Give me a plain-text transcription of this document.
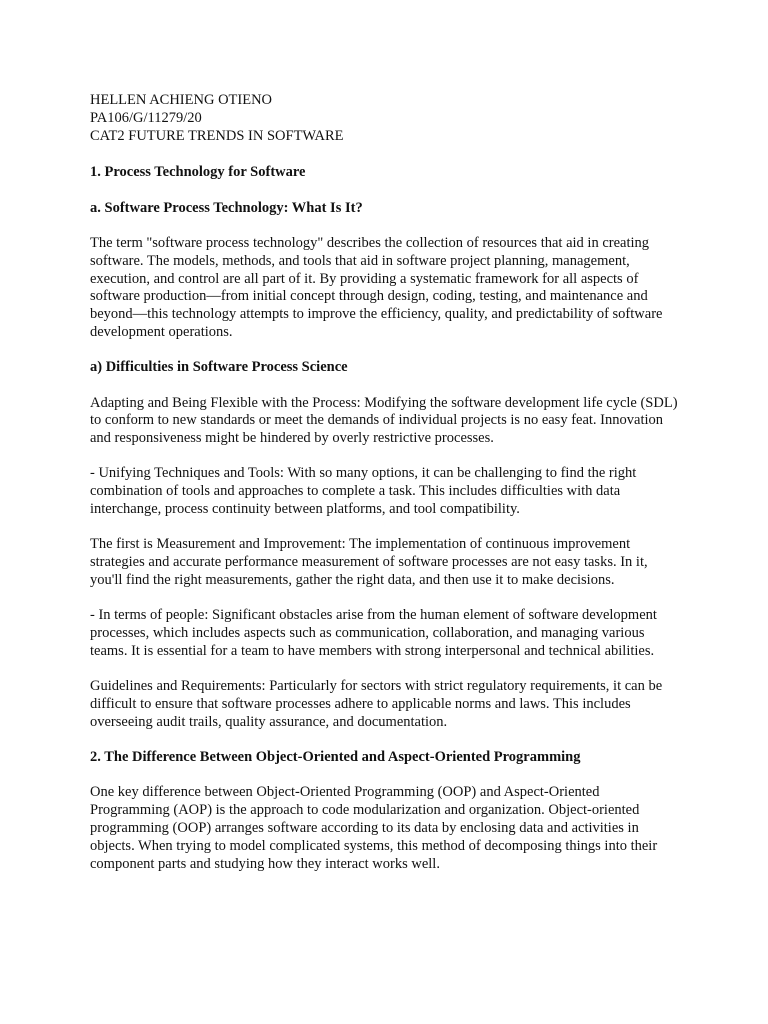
HELLEN ACHIENG OTIENO

PA106/G/11279/20

CAT2 FUTURE TRENDS IN SOFTWARE

1. Process Technology for Software

a. Software Process Technology: What Is It?

The term "software process technology" describes the collection of resources that aid in creating software. The models, methods, and tools that aid in software project planning, management, execution, and control are all part of it. By providing a systematic framework for all aspects of software production—from initial concept through design, coding, testing, and maintenance and beyond—this technology attempts to improve the efficiency, quality, and predictability of software development operations.

a) Difficulties in Software Process Science

Adapting and Being Flexible with the Process: Modifying the software development life cycle (SDL) to conform to new standards or meet the demands of individual projects is no easy feat. Innovation and responsiveness might be hindered by overly restrictive processes.

- Unifying Techniques and Tools: With so many options, it can be challenging to find the right combination of tools and approaches to complete a task. This includes difficulties with data interchange, process continuity between platforms, and tool compatibility.

The first is Measurement and Improvement: The implementation of continuous improvement strategies and accurate performance measurement of software processes are not easy tasks. In it, you'll find the right measurements, gather the right data, and then use it to make decisions.

- In terms of people: Significant obstacles arise from the human element of software development processes, which includes aspects such as communication, collaboration, and managing various teams. It is essential for a team to have members with strong interpersonal and technical abilities.

Guidelines and Requirements: Particularly for sectors with strict regulatory requirements, it can be difficult to ensure that software processes adhere to applicable norms and laws. This includes overseeing audit trails, quality assurance, and documentation.

2. The Difference Between Object-Oriented and Aspect-Oriented Programming

One key difference between Object-Oriented Programming (OOP) and Aspect-Oriented Programming (AOP) is the approach to code modularization and organization. Object-oriented programming (OOP) arranges software according to its data by enclosing data and activities in objects. When trying to model complicated systems, this method of decomposing things into their component parts and studying how they interact works well.
